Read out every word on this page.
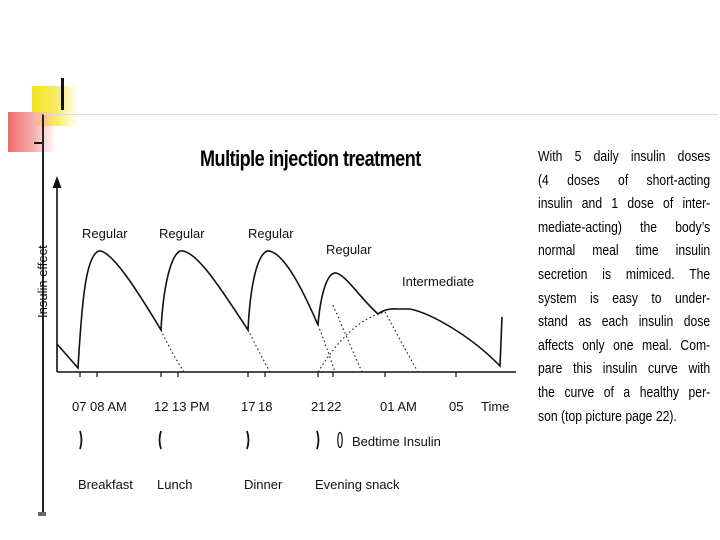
Multiple injection treatment	With 5 daily insulin doses
(4 doses of short-acting
insulin and 1 dose of inter-
mediate-acting) the body’s
normal meal time insulin
secretion is mimiced. The
system is easy to under-
stand as each insulin dose
affects only one meal. Com-
pare this insulin curve with
the curve of a healthy per-
son (top picture page 22).
Insulin effect
Regular Regular	Regular
Regular
Intermediate
07 08 AM 12 13 PM 17 18	21 22	01 AM 05 Time
Bedtime Insulin
Breakfast Lunch	Dinner	Evening snack
